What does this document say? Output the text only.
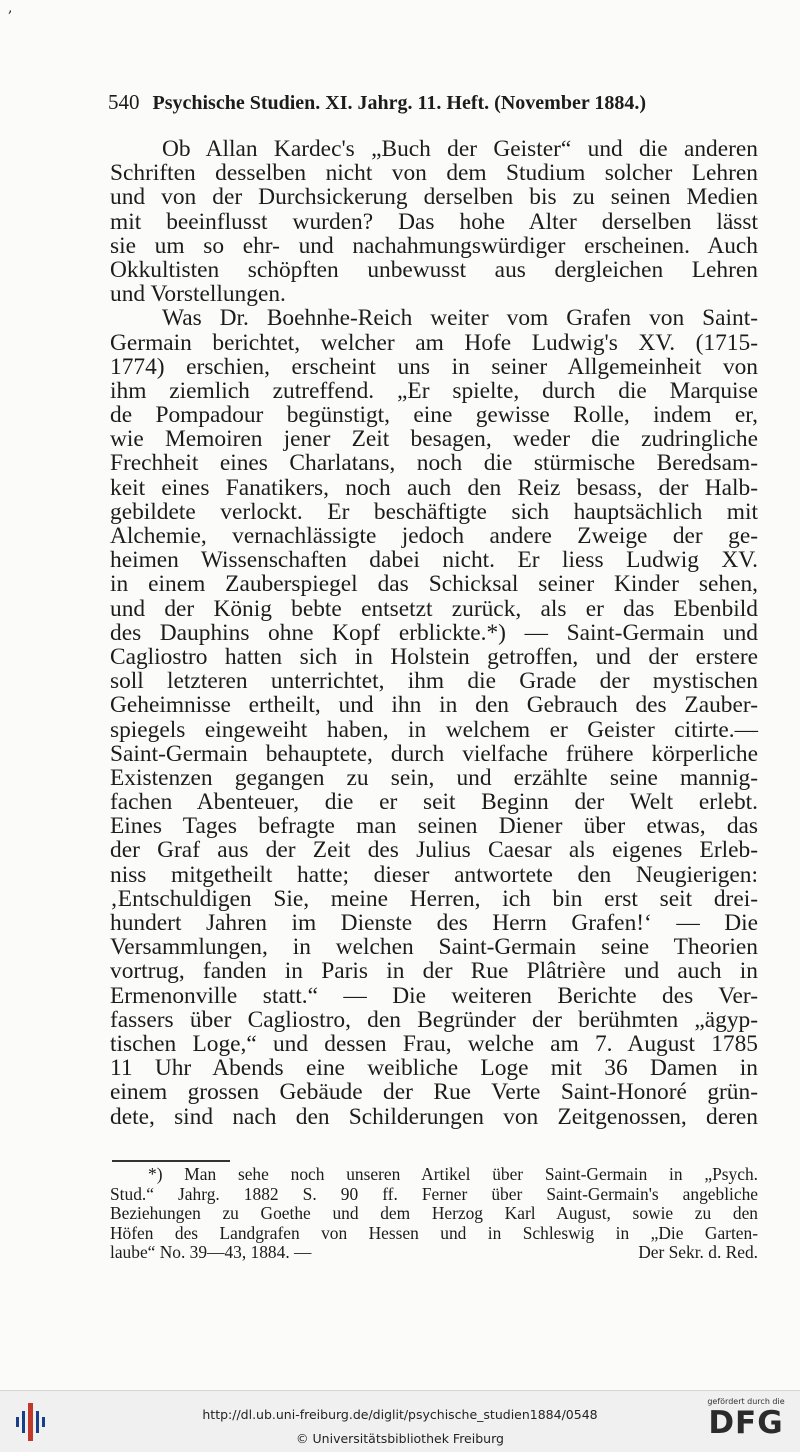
,
540 Psychische Studien. XI. Jahrg. 11. Heft. (November 1884.)
Ob Allan Kardec's „Buch der Geister“ und die anderen
Schriften desselben nicht von dem Studium solcher Lehren
und von der Durchsickerung derselben bis zu seinen Medien
mit beeinflusst wurden? Das hohe Alter derselben lässt
sie um so ehr- und nachahmungswürdiger erscheinen. Auch
Okkultisten schöpften unbewusst aus dergleichen Lehren
und Vorstellungen.
Was Dr. Boehnhe-Reich weiter vom Grafen von Saint-
Germain berichtet, welcher am Hofe Ludwig's XV. (1715-
1774) erschien, erscheint uns in seiner Allgemeinheit von
ihm ziemlich zutreffend. „Er spielte, durch die Marquise
de Pompadour begünstigt, eine gewisse Rolle, indem er,
wie Memoiren jener Zeit besagen, weder die zudringliche
Frechheit eines Charlatans, noch die stürmische Beredsam-
keit eines Fanatikers, noch auch den Reiz besass, der Halb-
gebildete verlockt. Er beschäftigte sich hauptsächlich mit
Alchemie, vernachlässigte jedoch andere Zweige der ge-
heimen Wissenschaften dabei nicht. Er liess Ludwig XV.
in einem Zauberspiegel das Schicksal seiner Kinder sehen,
und der König bebte entsetzt zurück, als er das Ebenbild
des Dauphins ohne Kopf erblickte.*) — Saint-Germain und
Cagliostro hatten sich in Holstein getroffen, und der erstere
soll letzteren unterrichtet, ihm die Grade der mystischen
Geheimnisse ertheilt, und ihn in den Gebrauch des Zauber-
spiegels eingeweiht haben, in welchem er Geister citirte.—
Saint-Germain behauptete, durch vielfache frühere körperliche
Existenzen gegangen zu sein, und erzählte seine mannig-
fachen Abenteuer, die er seit Beginn der Welt erlebt.
Eines Tages befragte man seinen Diener über etwas, das
der Graf aus der Zeit des Julius Caesar als eigenes Erleb-
niss mitgetheilt hatte; dieser antwortete den Neugierigen:
‚Entschuldigen Sie, meine Herren, ich bin erst seit drei-
hundert Jahren im Dienste des Herrn Grafen!‘ — Die
Versammlungen, in welchen Saint-Germain seine Theorien
vortrug, fanden in Paris in der Rue Plâtrière und auch in
Ermenonville statt.“ — Die weiteren Berichte des Ver-
fassers über Cagliostro, den Begründer der berühmten „ägyp-
tischen Loge,“ und dessen Frau, welche am 7. August 1785
11 Uhr Abends eine weibliche Loge mit 36 Damen in
einem grossen Gebäude der Rue Verte Saint-Honoré grün-
dete, sind nach den Schilderungen von Zeitgenossen, deren
*) Man sehe noch unseren Artikel über Saint-Germain in „Psych.
Stud.“ Jahrg. 1882 S. 90 ff. Ferner über Saint-Germain's angebliche
Beziehungen zu Goethe und dem Herzog Karl August, sowie zu den
Höfen des Landgrafen von Hessen und in Schleswig in „Die Garten-
laube“ No. 39—43, 1884. —	Der Sekr. d. Red.
http://dl.ub.uni-freiburg.de/diglit/psychische_studien1884/0548
© Universitätsbibliothek Freiburg
gefördert durch die
DFG
